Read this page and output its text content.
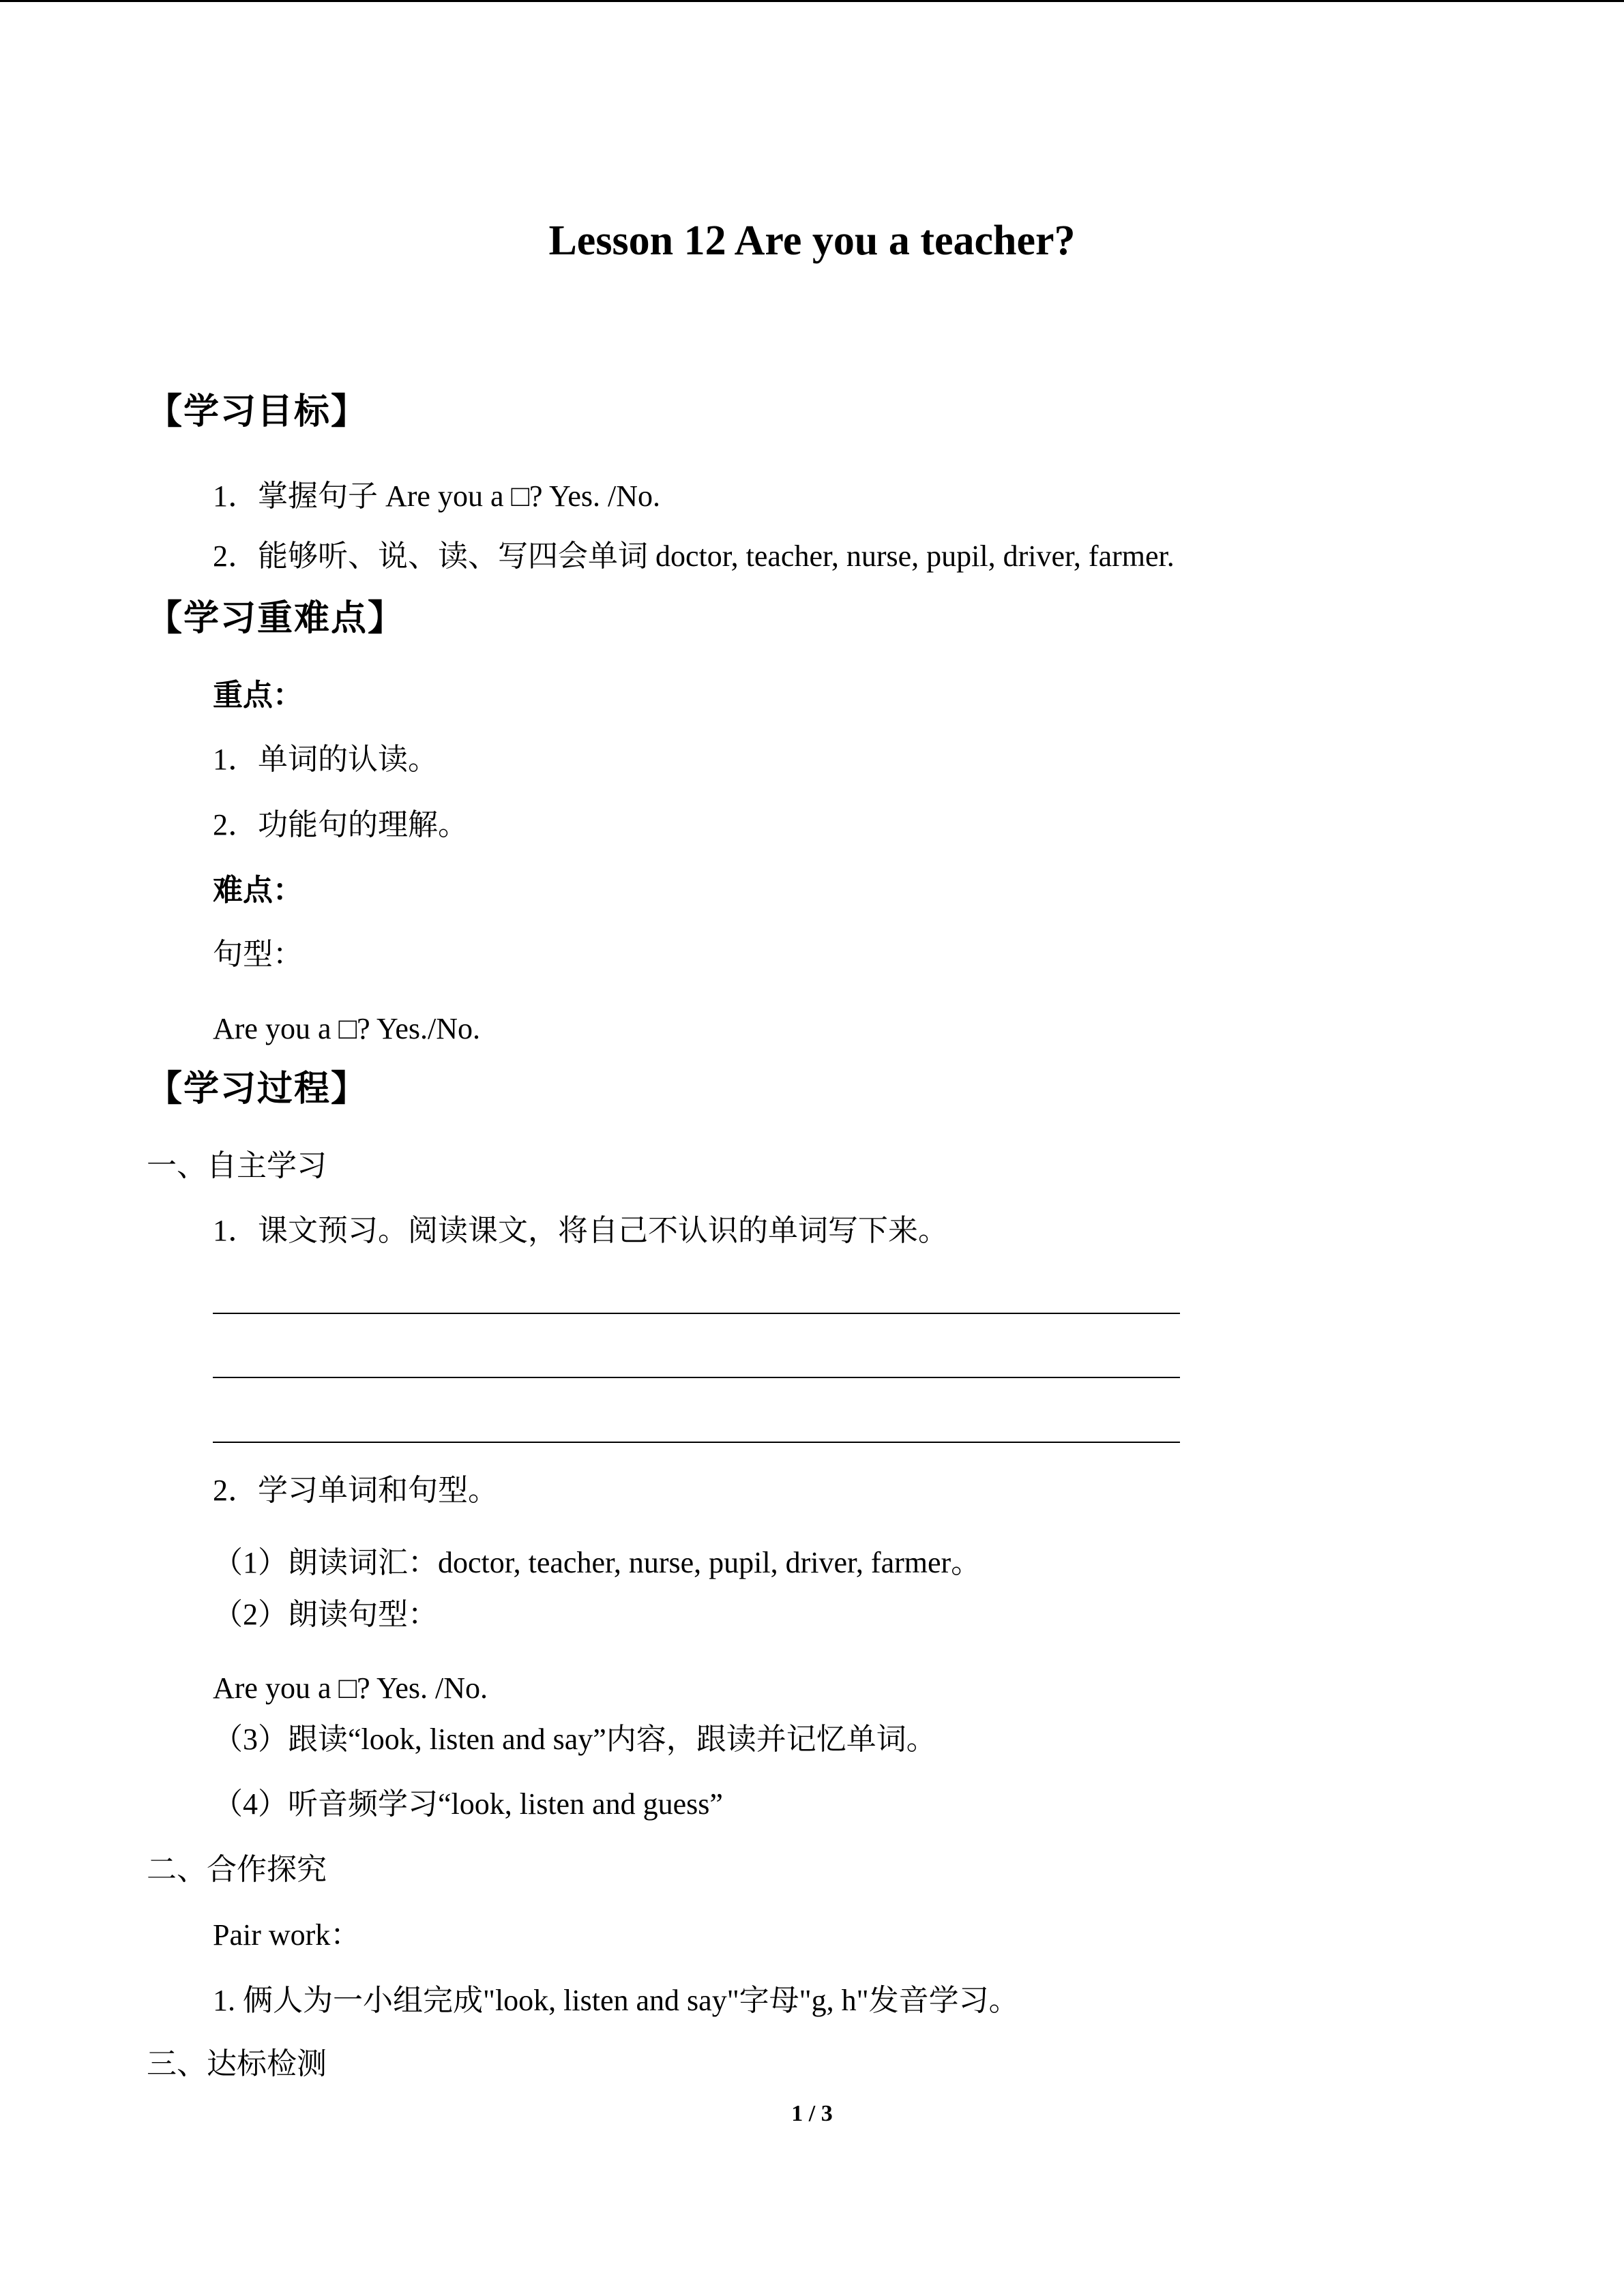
Lesson 12 Are you a teacher?
【学习目标】
1．掌握句子 Are you a □? Yes. /No.
2．能够听、说、读、写四会单词 doctor, teacher, nurse, pupil, driver, farmer.
【学习重难点】
重点：
1．单词的认读。
2．功能句的理解。
难点：
句型：
Are you a □? Yes./No.
【学习过程】
一、自主学习
1．课文预习。阅读课文，将自己不认识的单词写下来。
2．学习单词和句型。
（1）朗读词汇：doctor, teacher, nurse, pupil, driver, farmer。
（2）朗读句型：
Are you a □? Yes. /No.
（3）跟读“look, listen and say”内容，跟读并记忆单词。
（4）听音频学习“look, listen and guess”
二、合作探究
Pair work：
1. 俩人为一小组完成"look, listen and say"字母"g, h"发音学习。
三、达标检测
1 / 3
